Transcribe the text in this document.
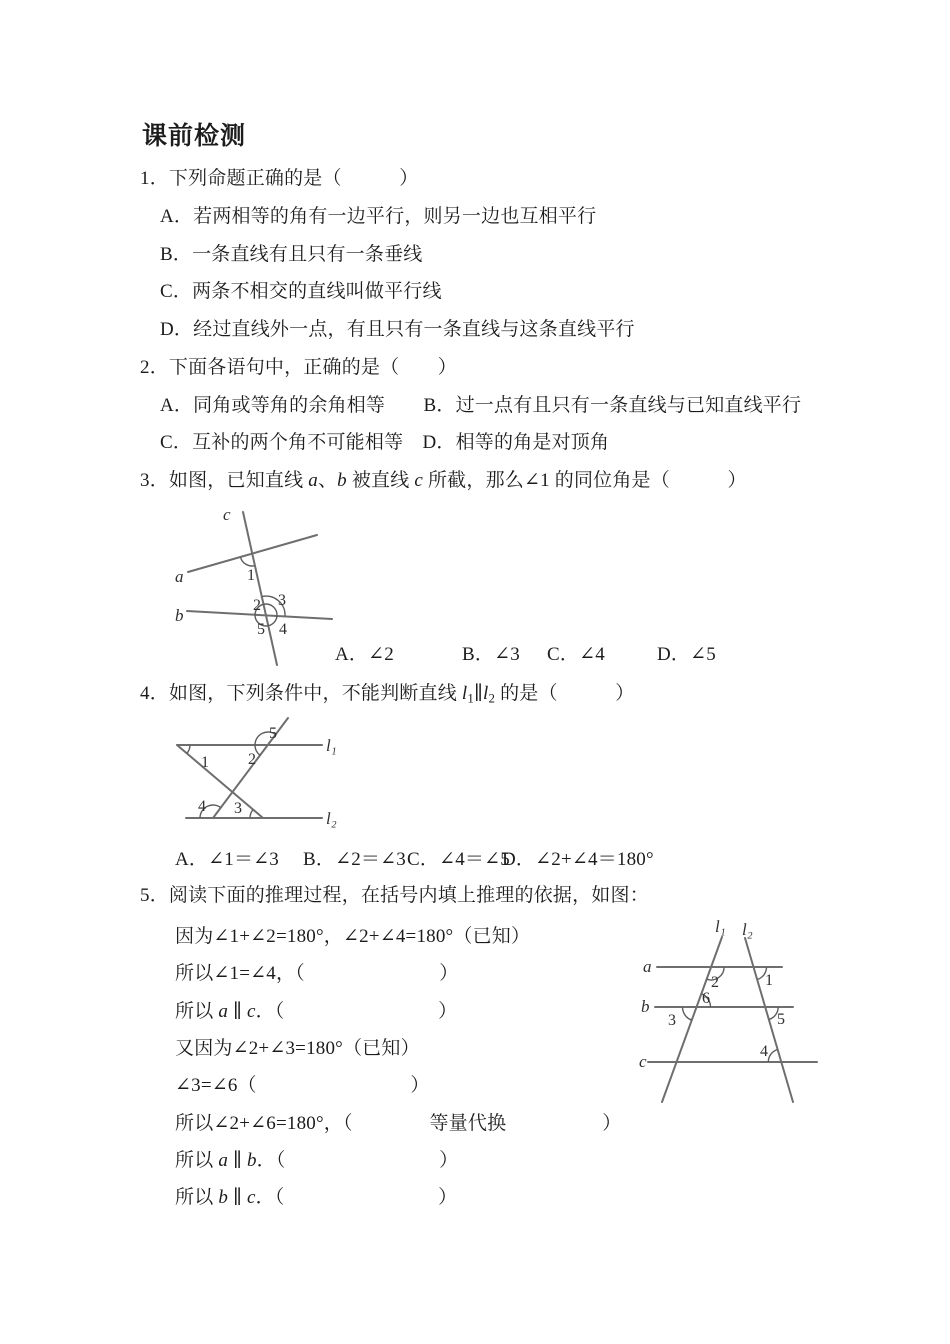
课前检测
1．下列命题正确的是（　　　）
A．若两相等的角有一边平行，则另一边也互相平行
B．一条直线有且只有一条垂线
C．两条不相交的直线叫做平行线
D．经过直线外一点，有且只有一条直线与这条直线平行
2．下面各语句中，正确的是（　　）
A．同角或等角的余角相等　　B．过一点有且只有一条直线与已知直线平行
C．互补的两个角不可能相等　D．相等的角是对顶角
3．如图，已知直线 a、b 被直线 c 所截，那么∠1 的同位角是（　　　）
c
a
b
1
2 3
5 4
A．∠2	B．∠3 C．∠4	D．∠5
4．如图，下列条件中，不能判断直线 $l_1\parallel l_2$ 的是（　　　）
l₁
l₂
1 2
5
4 3
A．∠1＝∠3 B．∠2＝∠3 C．∠4＝∠5
D．∠2+∠4＝180°
5．阅读下面的推理过程，在括号内填上推理的依据，如图：
因为∠1+∠2=180°，∠2+∠4=180°（已知）
所以∠1=∠4，（　　　　　　　）
所以 a ∥ c．（　　　　　　　　）
又因为∠2+∠3=180°（已知）
∠3=∠6（　　　　　　　　）
所以∠2+∠6=180°，（　　　　等量代换　　　　　）
所以 a ∥ b．（　　　　　　　　）
所以 b ∥ c．（　　　　　　　　）
l₁ l₂
a
b
c
2	1
6
3	5
4
